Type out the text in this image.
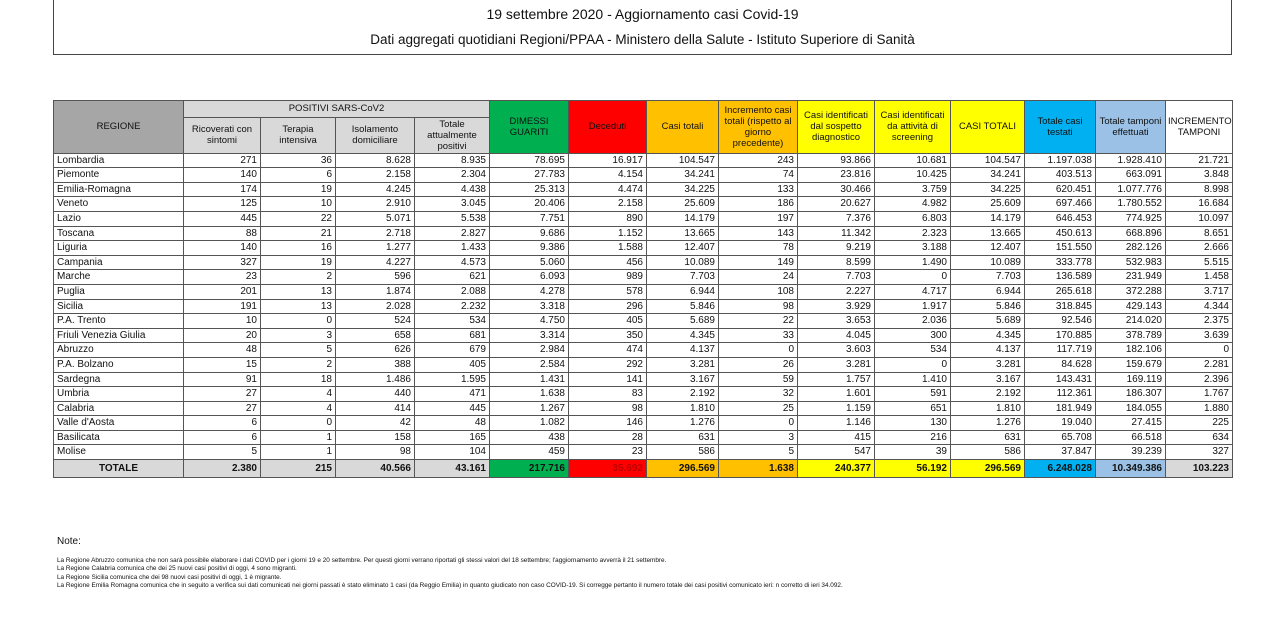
19 settembre 2020 - Aggiornamento casi Covid-19
Dati aggregati quotidiani Regioni/PPAA - Ministero della Salute - Istituto Superiore di Sanità
REGIONE	POSITIVI SARS-CoV2				DIMESSI GUARITI	Deceduti	Casi totali	Incremento casi totali (rispetto al giorno precedente)	Casi identificati dal sospetto diagnostico	Casi identificati da attività di screening	CASI TOTALI	Totale casi testati	Totale tamponi effettuati	INCREMENTO TAMPONI
	Ricoverati con sintomi	Terapia intensiva	Isolamento domiciliare	Totale attualmente positivi										
Lombardia	271	36	8.628	8.935	78.695	16.917	104.547	243	93.866	10.681	104.547	1.197.038	1.928.410	21.721
Piemonte	140	6	2.158	2.304	27.783	4.154	34.241	74	23.816	10.425	34.241	403.513	663.091	3.848
Emilia-Romagna	174	19	4.245	4.438	25.313	4.474	34.225	133	30.466	3.759	34.225	620.451	1.077.776	8.998
Veneto	125	10	2.910	3.045	20.406	2.158	25.609	186	20.627	4.982	25.609	697.466	1.780.552	16.684
Lazio	445	22	5.071	5.538	7.751	890	14.179	197	7.376	6.803	14.179	646.453	774.925	10.097
Toscana	88	21	2.718	2.827	9.686	1.152	13.665	143	11.342	2.323	13.665	450.613	668.896	8.651
Liguria	140	16	1.277	1.433	9.386	1.588	12.407	78	9.219	3.188	12.407	151.550	282.126	2.666
Campania	327	19	4.227	4.573	5.060	456	10.089	149	8.599	1.490	10.089	333.778	532.983	5.515
Marche	23	2	596	621	6.093	989	7.703	24	7.703	0	7.703	136.589	231.949	1.458
Puglia	201	13	1.874	2.088	4.278	578	6.944	108	2.227	4.717	6.944	265.618	372.288	3.717
Sicilia	191	13	2.028	2.232	3.318	296	5.846	98	3.929	1.917	5.846	318.845	429.143	4.344
P.A. Trento	10	0	524	534	4.750	405	5.689	22	3.653	2.036	5.689	92.546	214.020	2.375
Friuli Venezia Giulia	20	3	658	681	3.314	350	4.345	33	4.045	300	4.345	170.885	378.789	3.639
Abruzzo	48	5	626	679	2.984	474	4.137	0	3.603	534	4.137	117.719	182.106	0
P.A. Bolzano	15	2	388	405	2.584	292	3.281	26	3.281	0	3.281	84.628	159.679	2.281
Sardegna	91	18	1.486	1.595	1.431	141	3.167	59	1.757	1.410	3.167	143.431	169.119	2.396
Umbria	27	4	440	471	1.638	83	2.192	32	1.601	591	2.192	112.361	186.307	1.767
Calabria	27	4	414	445	1.267	98	1.810	25	1.159	651	1.810	181.949	184.055	1.880
Valle d'Aosta	6	0	42	48	1.082	146	1.276	0	1.146	130	1.276	19.040	27.415	225
Basilicata	6	1	158	165	438	28	631	3	415	216	631	65.708	66.518	634
Molise	5	1	98	104	459	23	586	5	547	39	586	37.847	39.239	327
TOTALE	2.380	215	40.566	43.161	217.716	35.692	296.569	1.638	240.377	56.192	296.569	6.248.028	10.349.386	103.223
Note:
La Regione Abruzzo comunica che non sarà possibile elaborare i dati COVID per i giorni 19 e 20 settembre. Per questi giorni verrano riportati gli stessi valori del 18 settembre; l'aggiornamento avverrà il 21 settembre.
La Regione Calabria comunica che dei 25 nuovi casi positivi di oggi, 4 sono migranti.
La Regione Sicilia comunica che dei 98 nuovi casi positivi di oggi, 1 è migrante.
La Regione Emilia Romagna comunica che in seguito a verifica sui dati comunicati nei giorni passati è stato eliminato 1 casi (da Reggio Emilia) in quanto giudicato non caso COVID-19. Si corregge pertanto il numero totale dei casi positivi comunicato ieri: n corretto di ieri 34.092.
